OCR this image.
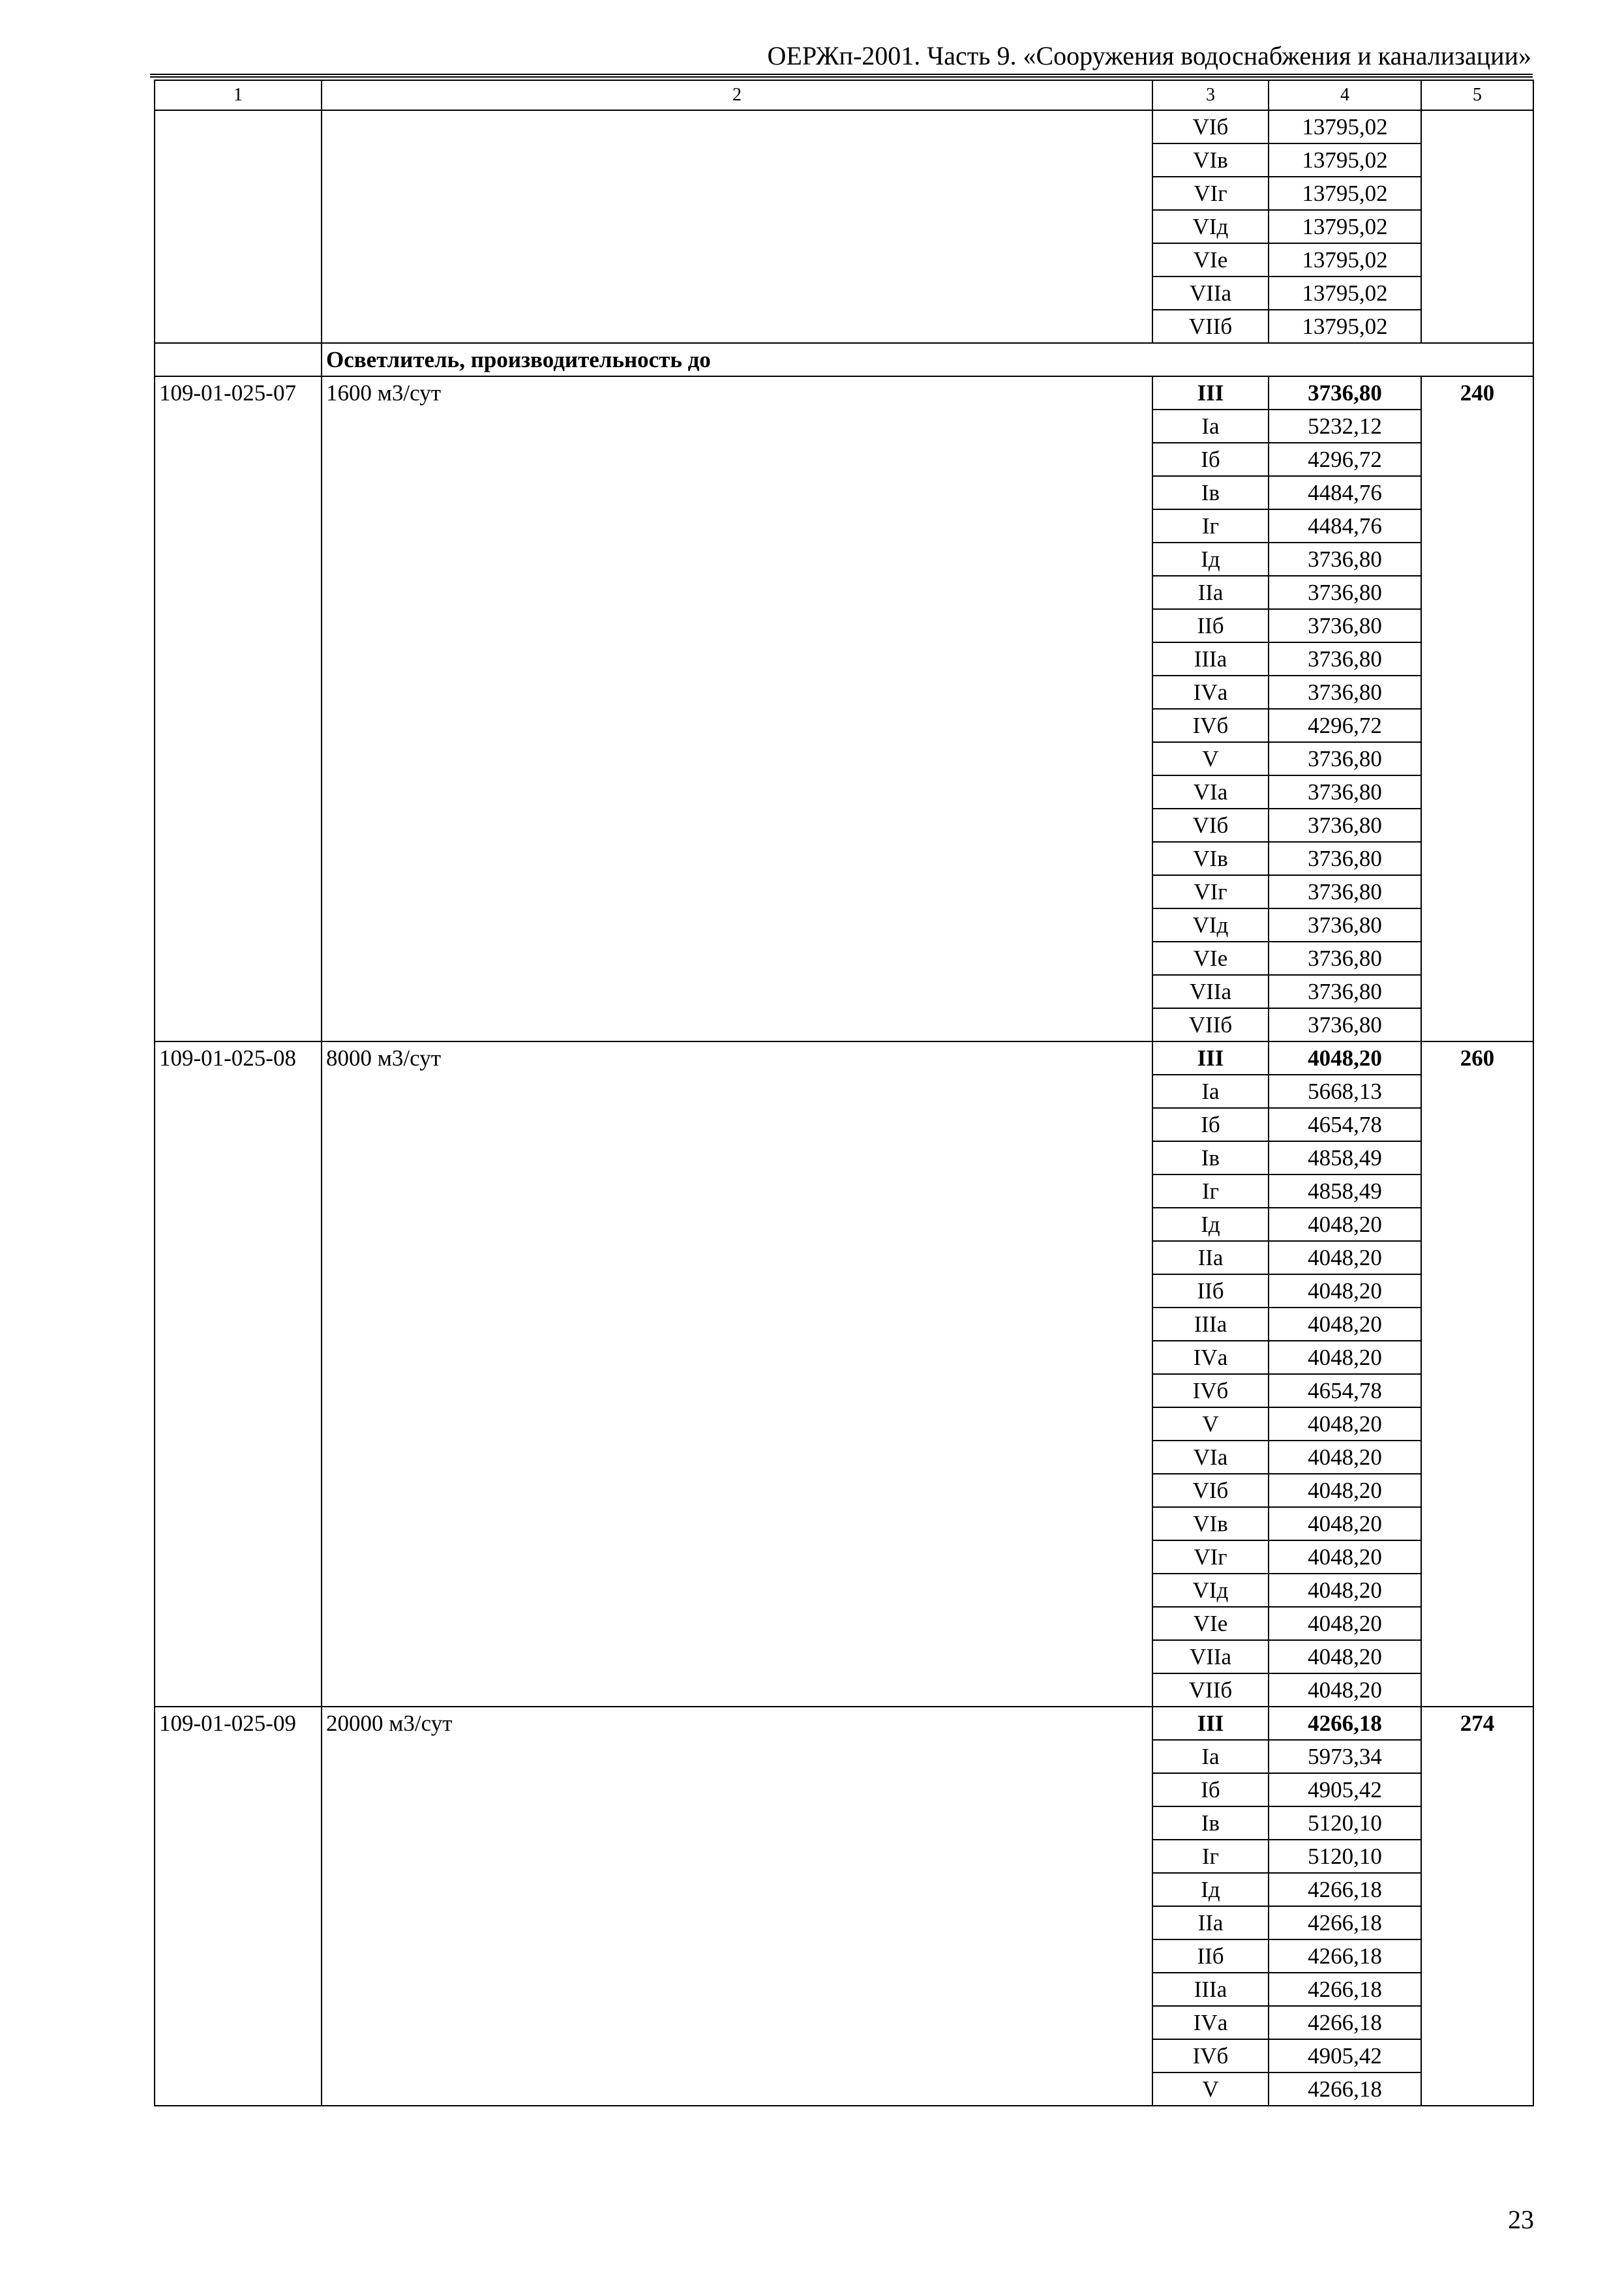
ОЕРЖп-2001. Часть 9. «Сооружения водоснабжения и канализации»
1	2	3	4	5
		VIб	13795,02	
		VIв	13795,02	
		VIг	13795,02	
		VIд	13795,02	
		VIе	13795,02	
		VIIа	13795,02	
		VIIб	13795,02	
	Осветлитель, производительность до			
109-01-025-07	1600 м3/сут	III	3736,80	240
		Iа	5232,12	
		Iб	4296,72	
		Iв	4484,76	
		Iг	4484,76	
		Iд	3736,80	
		IIа	3736,80	
		IIб	3736,80	
		IIIа	3736,80	
		IVа	3736,80	
		IVб	4296,72	
		V	3736,80	
		VIа	3736,80	
		VIб	3736,80	
		VIв	3736,80	
		VIг	3736,80	
		VIд	3736,80	
		VIе	3736,80	
		VIIа	3736,80	
		VIIб	3736,80	
109-01-025-08	8000 м3/сут	III	4048,20	260
		Iа	5668,13	
		Iб	4654,78	
		Iв	4858,49	
		Iг	4858,49	
		Iд	4048,20	
		IIа	4048,20	
		IIб	4048,20	
		IIIа	4048,20	
		IVа	4048,20	
		IVб	4654,78	
		V	4048,20	
		VIа	4048,20	
		VIб	4048,20	
		VIв	4048,20	
		VIг	4048,20	
		VIд	4048,20	
		VIе	4048,20	
		VIIа	4048,20	
		VIIб	4048,20	
109-01-025-09	20000 м3/сут	III	4266,18	274
		Iа	5973,34	
		Iб	4905,42	
		Iв	5120,10	
		Iг	5120,10	
		Iд	4266,18	
		IIа	4266,18	
		IIб	4266,18	
		IIIа	4266,18	
		IVа	4266,18	
		IVб	4905,42	
		V	4266,18	
23
